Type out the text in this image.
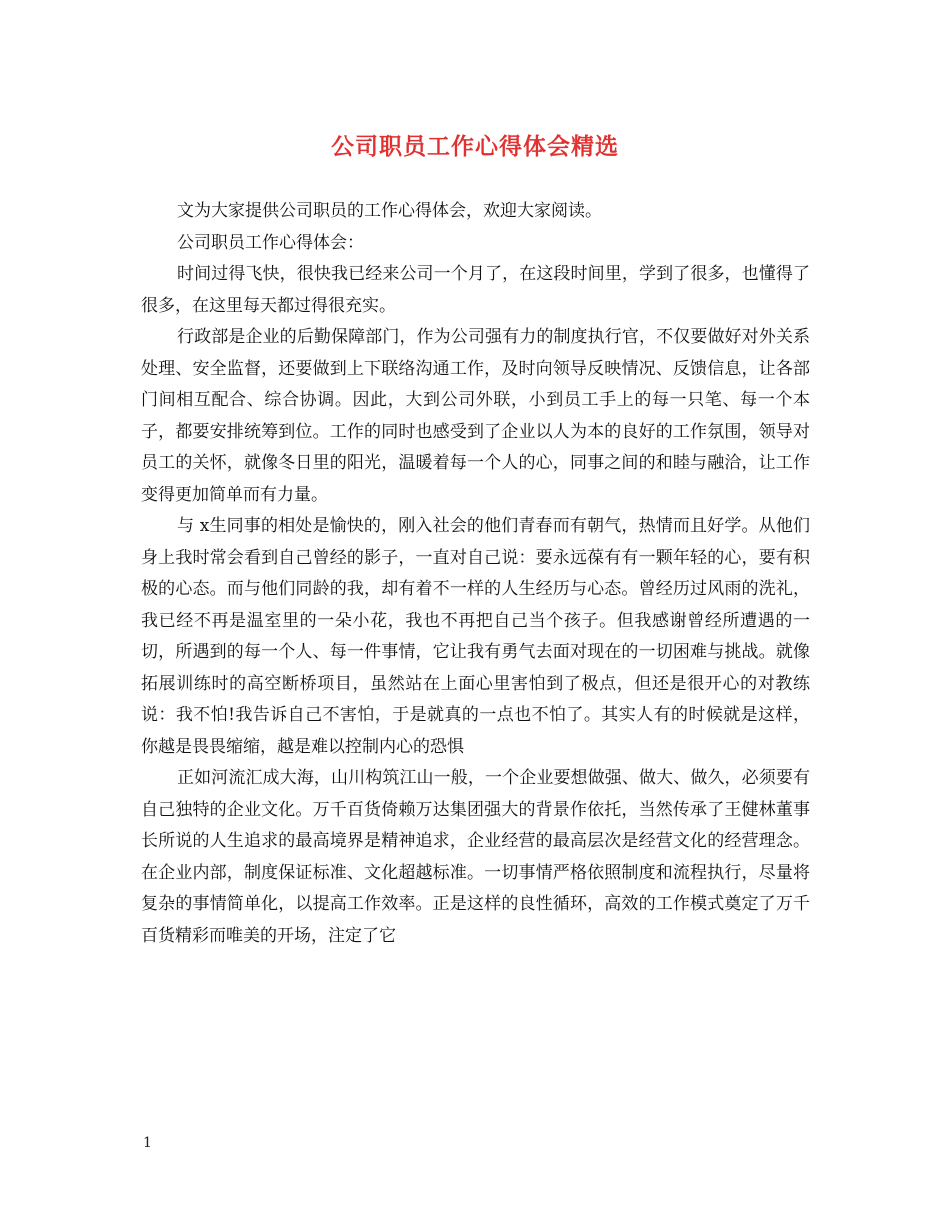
公司职员工作心得体会精选

文为大家提供公司职员的工作心得体会，欢迎大家阅读。

公司职员工作心得体会：

时间过得飞快，很快我已经来公司一个月了，在这段时间里，学到了很多，也懂得了很多，在这里每天都过得很充实。

行政部是企业的后勤保障部门，作为公司强有力的制度执行官，不仅要做好对外关系处理、安全监督，还要做到上下联络沟通工作，及时向领导反映情况、反馈信息，让各部门间相互配合、综合协调。因此，大到公司外联，小到员工手上的每一只笔、每一个本子，都要安排统筹到位。工作的同时也感受到了企业以人为本的良好的工作氛围，领导对员工的关怀，就像冬日里的阳光，温暖着每一个人的心，同事之间的和睦与融洽，让工作变得更加简单而有力量。

与 ⅹ生同事的相处是愉快的，刚入社会的他们青春而有朝气，热情而且好学。从他们身上我时常会看到自己曾经的影子，一直对自己说：要永远葆有有一颗年轻的心，要有积极的心态。而与他们同龄的我，却有着不一样的人生经历与心态。曾经历过风雨的洗礼，我已经不再是温室里的一朵小花，我也不再把自己当个孩子。但我感谢曾经所遭遇的一切，所遇到的每一个人、每一件事情，它让我有勇气去面对现在的一切困难与挑战。就像拓展训练时的高空断桥项目，虽然站在上面心里害怕到了极点，但还是很开心的对教练说：我不怕!我告诉自己不害怕，于是就真的一点也不怕了。其实人有的时候就是这样，你越是畏畏缩缩，越是难以控制内心的恐惧

正如河流汇成大海，山川构筑江山一般，一个企业要想做强、做大、做久，必须要有自己独特的企业文化。万千百货倚赖万达集团强大的背景作依托，当然传承了王健林董事长所说的人生追求的最高境界是精神追求，企业经营的最高层次是经营文化的经营理念。在企业内部，制度保证标准、文化超越标准。一切事情严格依照制度和流程执行，尽量将复杂的事情简单化，以提高工作效率。正是这样的良性循环，高效的工作模式奠定了万千百货精彩而唯美的开场，注定了它

1
